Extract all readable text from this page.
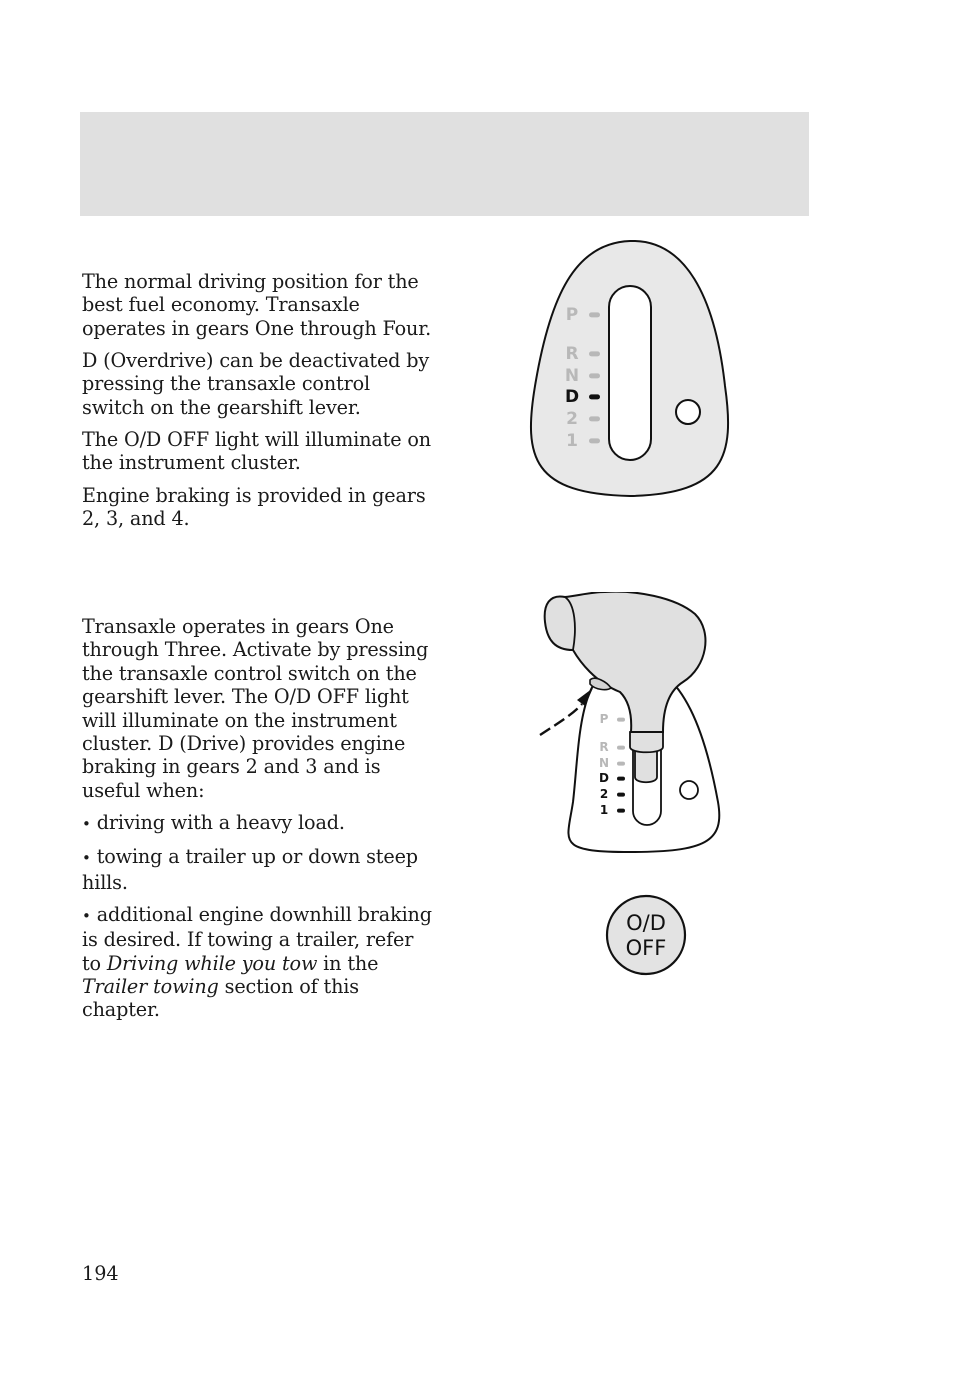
The normal driving position for the best fuel economy. Transaxle operates in gears One through Four.

D (Overdrive) can be deactivated by pressing the transaxle control switch on the gearshift lever.

The O/D OFF light will illuminate on the instrument cluster.

Engine braking is provided in gears 2, 3, and 4.

Transaxle operates in gears One through Three. Activate by pressing the transaxle control switch on the gearshift lever. The O/D OFF light will illuminate on the instrument cluster. D (Drive) provides engine braking in gears 2 and 3 and is useful when:

• driving with a heavy load.

• towing a trailer up or down steep hills.

• additional engine downhill braking is desired. If towing a trailer, refer to Driving while you tow in the Trailer towing section of this chapter.

P
R
N
D
2
1
P
R
N
D
2
1
O/D
OFF
194
